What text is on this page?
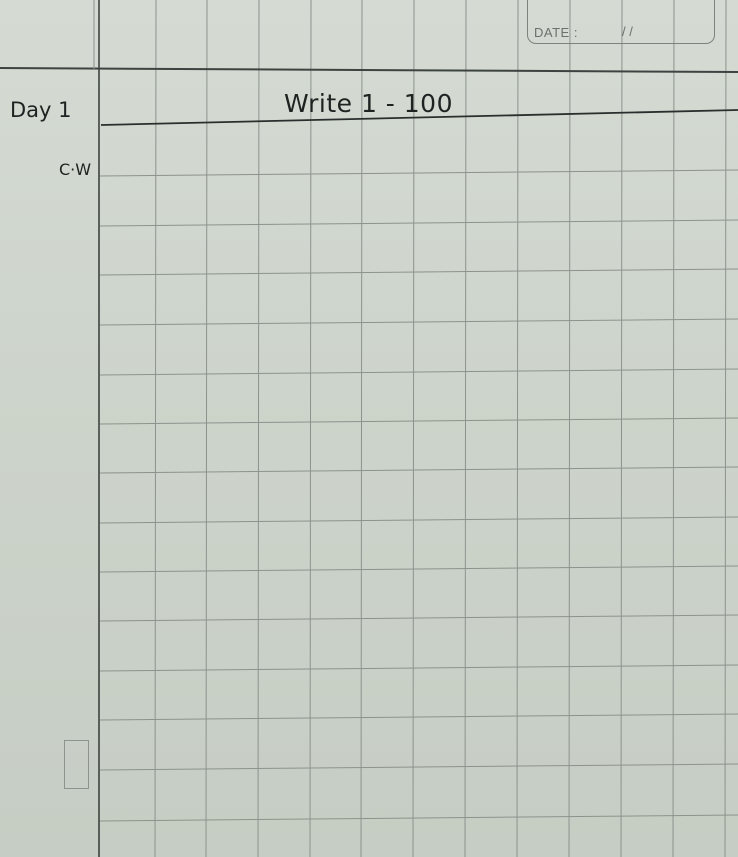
DATE :	/ /

Day 1

C·W

Write 1 - 100
